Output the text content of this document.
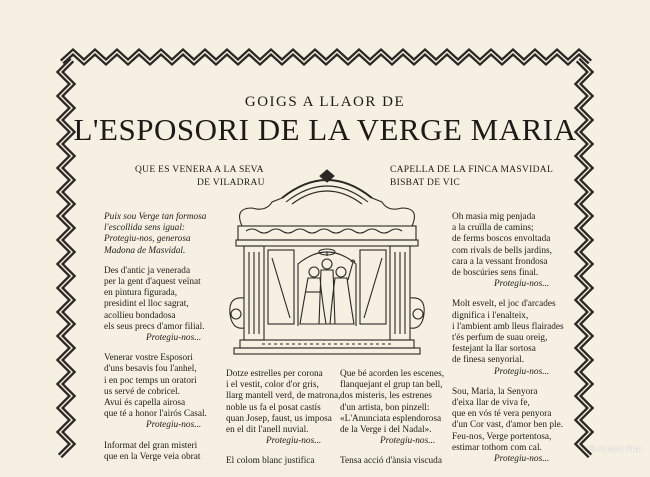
GOIGS A LLAOR DE
L'ESPOSORI DE LA VERGE MARIA
QUE ES VENERA A LA SEVA
DE VILADRAU
CAPELLA DE LA FINCA MASVIDAL
BISBAT DE VIC
Puix sou Verge tan formosa
l'escollida sens igual:
Protegiu-nos, generosa
Madona de Masvidal.
Des d'antic ja venerada
per la gent d'aquest veïnat
en pintura figurada,
presidint el lloc sagrat,
acollíeu bondadosa
els seus precs d'amor filial.
Protegiu-nos...
Venerar vostre Esposori
d'uns besavis fou l'anhel,
i en poc temps un oratori
us servé de cobricel.
Avui és capella airosa
que té a honor l'airós Casal.
Protegiu-nos...
Informat del gran misteri
que en la Verge veia obrat
Dotze estrelles per corona
i el vestit, color d'or gris,
llarg mantell verd, de matrona,
noble us fa el posat castís
quan Josep, faust, us imposa
en el dit l'anell nuvial.
Protegiu-nos...
El colom blanc justifica
Que bé acorden les escenes,
flanquejant el grup tan bell,
dos misteris, les estrenes
d'un artista, bon pinzell:
«L'Anunciata esplendorosa
de la Verge i del Nadal».
Protegiu-nos...
Tensa acció d'ànsia viscuda
Oh masia mig penjada
a la cruïlla de camins;
de ferms boscos envoltada
com rivals de bells jardins,
cara a la vessant frondosa
de boscúries sens final.
Protegiu-nos...
Molt esvelt, el joc d'arcades
dignifica i l'enalteix,
i l'ambient amb lleus flairades
t'és perfum de suau oreig,
festejant la llar sortosa
de finesa senyorial.
Protegiu-nos...
Sou, Maria, la Senyora
d'eixa llar de viva fe,
que en vós té vera penyora
d'un Cor vast, d'amor ben ple.
Feu-nos, Verge portentosa,
estimar tothom com cal.
Protegiu-nos...
© Antoni Prat
